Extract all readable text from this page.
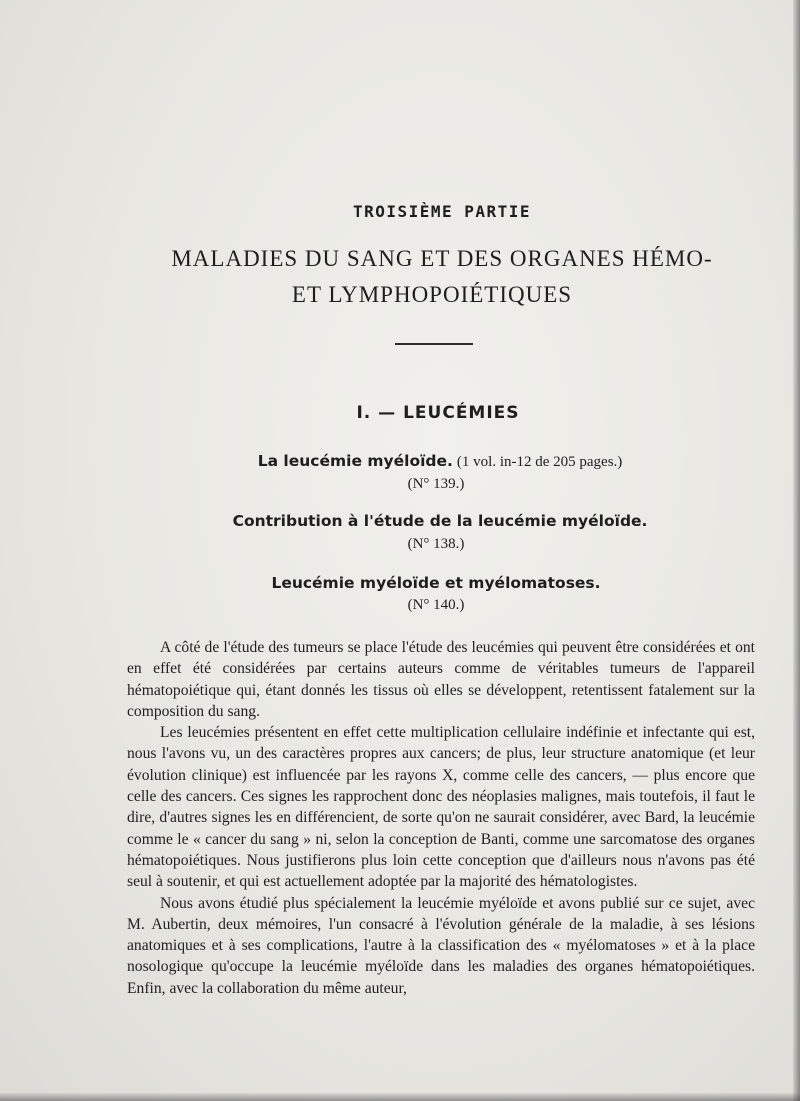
TROISIÈME PARTIE
MALADIES DU SANG ET DES ORGANES HÉMO-
ET LYMPHOPOIÉTIQUES
I. — LEUCÉMIES
La leucémie myéloïde. (1 vol. in-12 de 205 pages.)
(N° 139.)
Contribution à l'étude de la leucémie myéloïde.
(N° 138.)
Leucémie myéloïde et myélomatoses.
(N° 140.)

A côté de l'étude des tumeurs se place l'étude des leucémies qui peuvent être considérées et ont en effet été considérées par certains auteurs comme de véritables tumeurs de l'appareil hématopoiétique qui, étant donnés les tissus où elles se développent, retentissent fatalement sur la composition du sang.

Les leucémies présentent en effet cette multiplication cellulaire indéfinie et infectante qui est, nous l'avons vu, un des caractères propres aux cancers; de plus, leur structure anatomique (et leur évolution clinique) est influencée par les rayons X, comme celle des cancers, — plus encore que celle des cancers. Ces signes les rapprochent donc des néoplasies malignes, mais toutefois, il faut le dire, d'autres signes les en différencient, de sorte qu'on ne saurait considérer, avec Bard, la leucémie comme le « cancer du sang » ni, selon la conception de Banti, comme une sarcomatose des organes hématopoiétiques. Nous justifierons plus loin cette conception que d'ailleurs nous n'avons pas été seul à soutenir, et qui est actuellement adoptée par la majorité des hématologistes.

Nous avons étudié plus spécialement la leucémie myéloïde et avons publié sur ce sujet, avec M. Aubertin, deux mémoires, l'un consacré à l'évolution générale de la maladie, à ses lésions anatomiques et à ses complications, l'autre à la classification des « myélomatoses » et à la place nosologique qu'occupe la leucémie myéloïde dans les maladies des organes hématopoiétiques. Enfin, avec la collaboration du même auteur,
